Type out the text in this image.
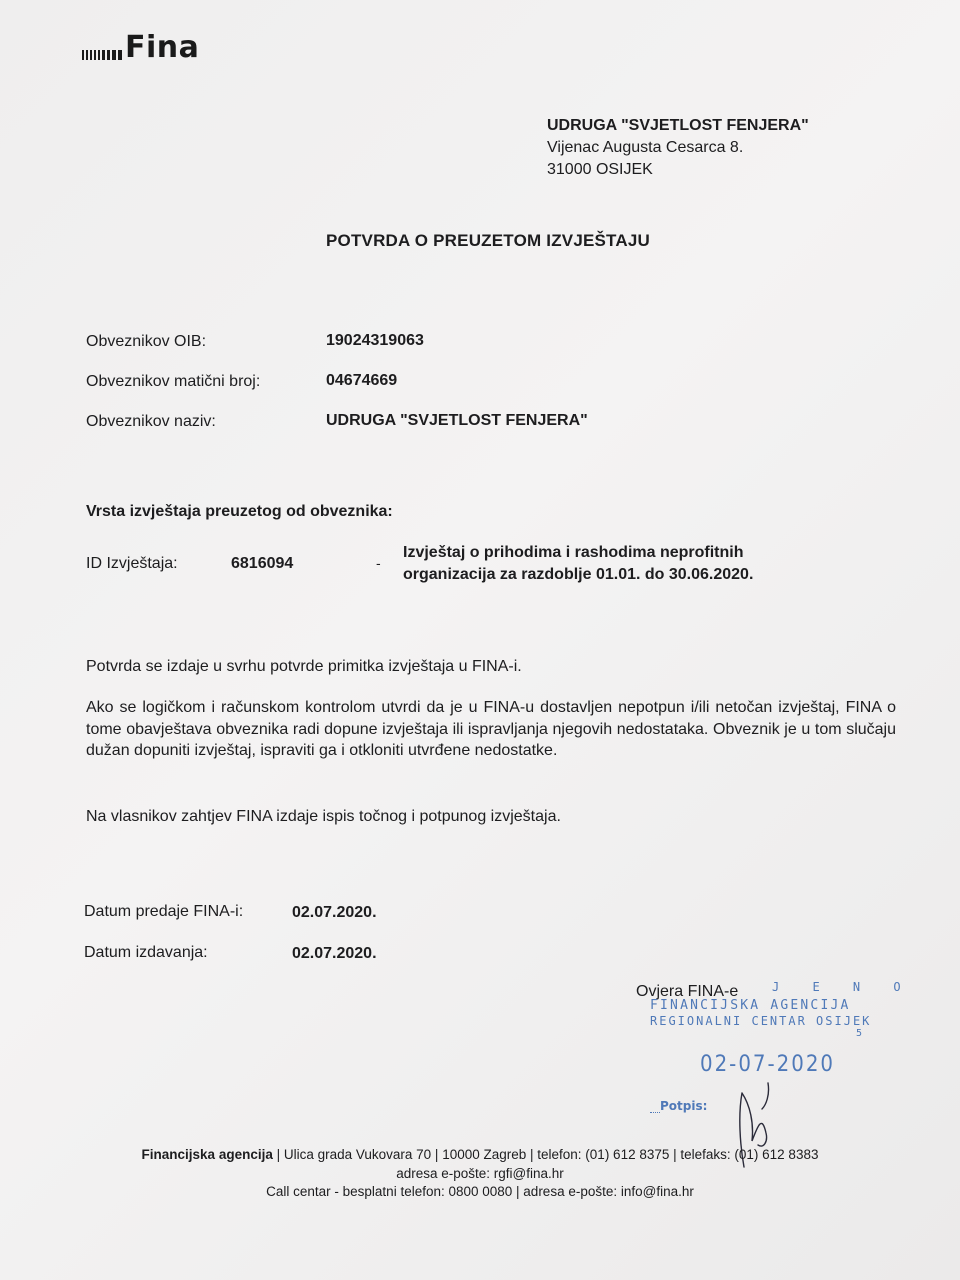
Fina
UDRUGA "SVJETLOST FENJERA"
Vijenac Augusta Cesarca 8.
31000 OSIJEK
POTVRDA O PREUZETOM IZVJEŠTAJU
Obveznikov OIB:	19024319063
Obveznikov matični broj:	04674669
Obveznikov naziv:	UDRUGA "SVJETLOST FENJERA"
Vrsta izvještaja preuzetog od obveznika:
ID Izvještaja:	6816094	-
Izvještaj o prihodima i rashodima neprofitnih
organizacija za razdoblje 01.01. do 30.06.2020.
Potvrda se izdaje u svrhu potvrde primitka izvještaja u FINA-i.
Ako se logičkom i računskom kontrolom utvrdi da je u FINA-u dostavljen nepotpun i/ili netočan izvještaj, FINA o tome obavještava obveznika radi dopune izvještaja ili ispravljanja njegovih nedostataka. Obveznik je u tom slučaju dužan dopuniti izvještaj, ispraviti ga i otkloniti utvrđene nedostatke.
Na vlasnikov zahtjev FINA izdaje ispis točnog i potpunog izvještaja.
Datum predaje FINA-i:	02.07.2020.
Datum izdavanja:	02.07.2020.
Ovjera FINA-e	J E N O
FINANCIJSKA AGENCIJA
REGIONALNI CENTAR OSIJEK
5
02-07-2020
Potpis:
Financijska agencija | Ulica grada Vukovara 70 | 10000 Zagreb | telefon: (01) 612 8375 | telefaks: (01) 612 8383
adresa e-pošte: rgfi@fina.hr
Call centar - besplatni telefon: 0800 0080 | adresa e-pošte: info@fina.hr
